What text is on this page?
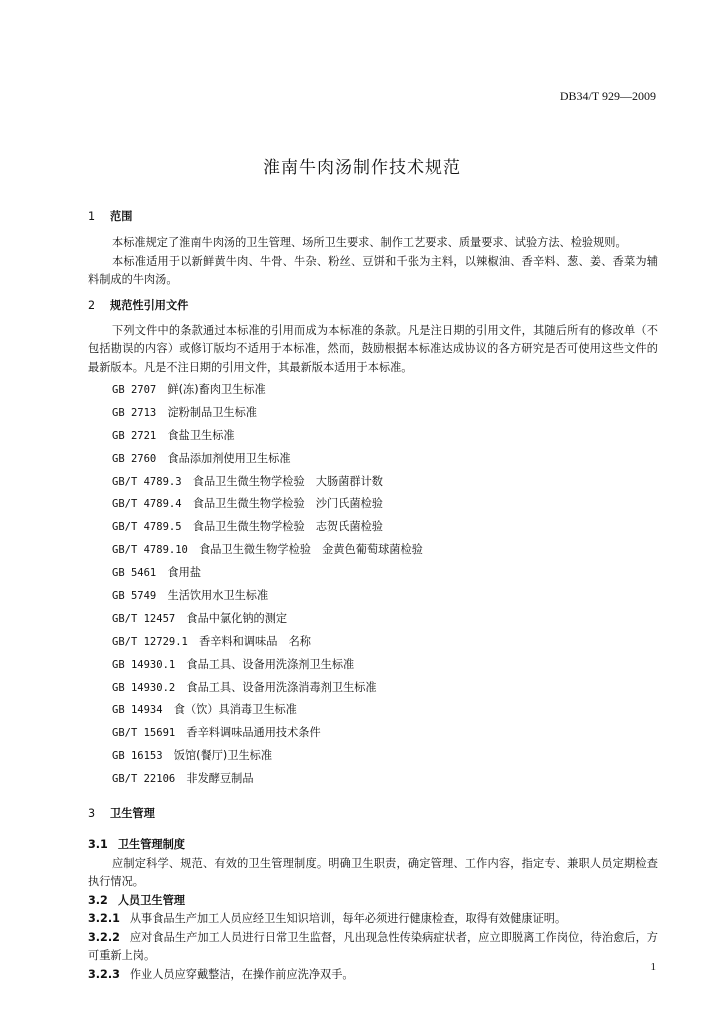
DB34/T 929—2009
淮南牛肉汤制作技术规范
1 范围

本标准规定了淮南牛肉汤的卫生管理、场所卫生要求、制作工艺要求、质量要求、试验方法、检验规则。

本标准适用于以新鲜黄牛肉、牛骨、牛杂、粉丝、豆饼和千张为主料，以辣椒油、香辛料、葱、姜、香菜为辅料制成的牛肉汤。

2 规范性引用文件

下列文件中的条款通过本标准的引用而成为本标准的条款。凡是注日期的引用文件，其随后所有的修改单（不包括勘误的内容）或修订版均不适用于本标准，然而，鼓励根据本标准达成协议的各方研究是否可使用这些文件的最新版本。凡是不注日期的引用文件，其最新版本适用于本标准。

GB 2707　 鲜(冻)畜肉卫生标准
GB 2713　 淀粉制品卫生标准
GB 2721　 食盐卫生标准
GB 2760　 食品添加剂使用卫生标准
GB/T 4789.3　 食品卫生微生物学检验　大肠菌群计数
GB/T 4789.4　 食品卫生微生物学检验　沙门氏菌检验
GB/T 4789.5　 食品卫生微生物学检验　志贺氏菌检验
GB/T 4789.10　 食品卫生微生物学检验　金黄色葡萄球菌检验
GB 5461　 食用盐
GB 5749　 生活饮用水卫生标准
GB/T 12457　 食品中氯化钠的测定
GB/T 12729.1　 香辛料和调味品　名称
GB 14930.1　 食品工具、设备用洗涤剂卫生标准
GB 14930.2　 食品工具、设备用洗涤消毒剂卫生标准
GB 14934　 食（饮）具消毒卫生标准
GB/T 15691　 香辛料调味品通用技术条件
GB 16153　 饭馆(餐厅)卫生标准
GB/T 22106　 非发酵豆制品
3 卫生管理
3.1 卫生管理制度

应制定科学、规范、有效的卫生管理制度。明确卫生职责，确定管理、工作内容，指定专、兼职人员定期检查执行情况。

3.2 人员卫生管理

3.2.1 从事食品生产加工人员应经卫生知识培训，每年必须进行健康检查，取得有效健康证明。

3.2.2 应对食品生产加工人员进行日常卫生监督，凡出现急性传染病症状者，应立即脱离工作岗位，待治愈后，方可重新上岗。

3.2.3 作业人员应穿戴整洁，在操作前应洗净双手。

1
